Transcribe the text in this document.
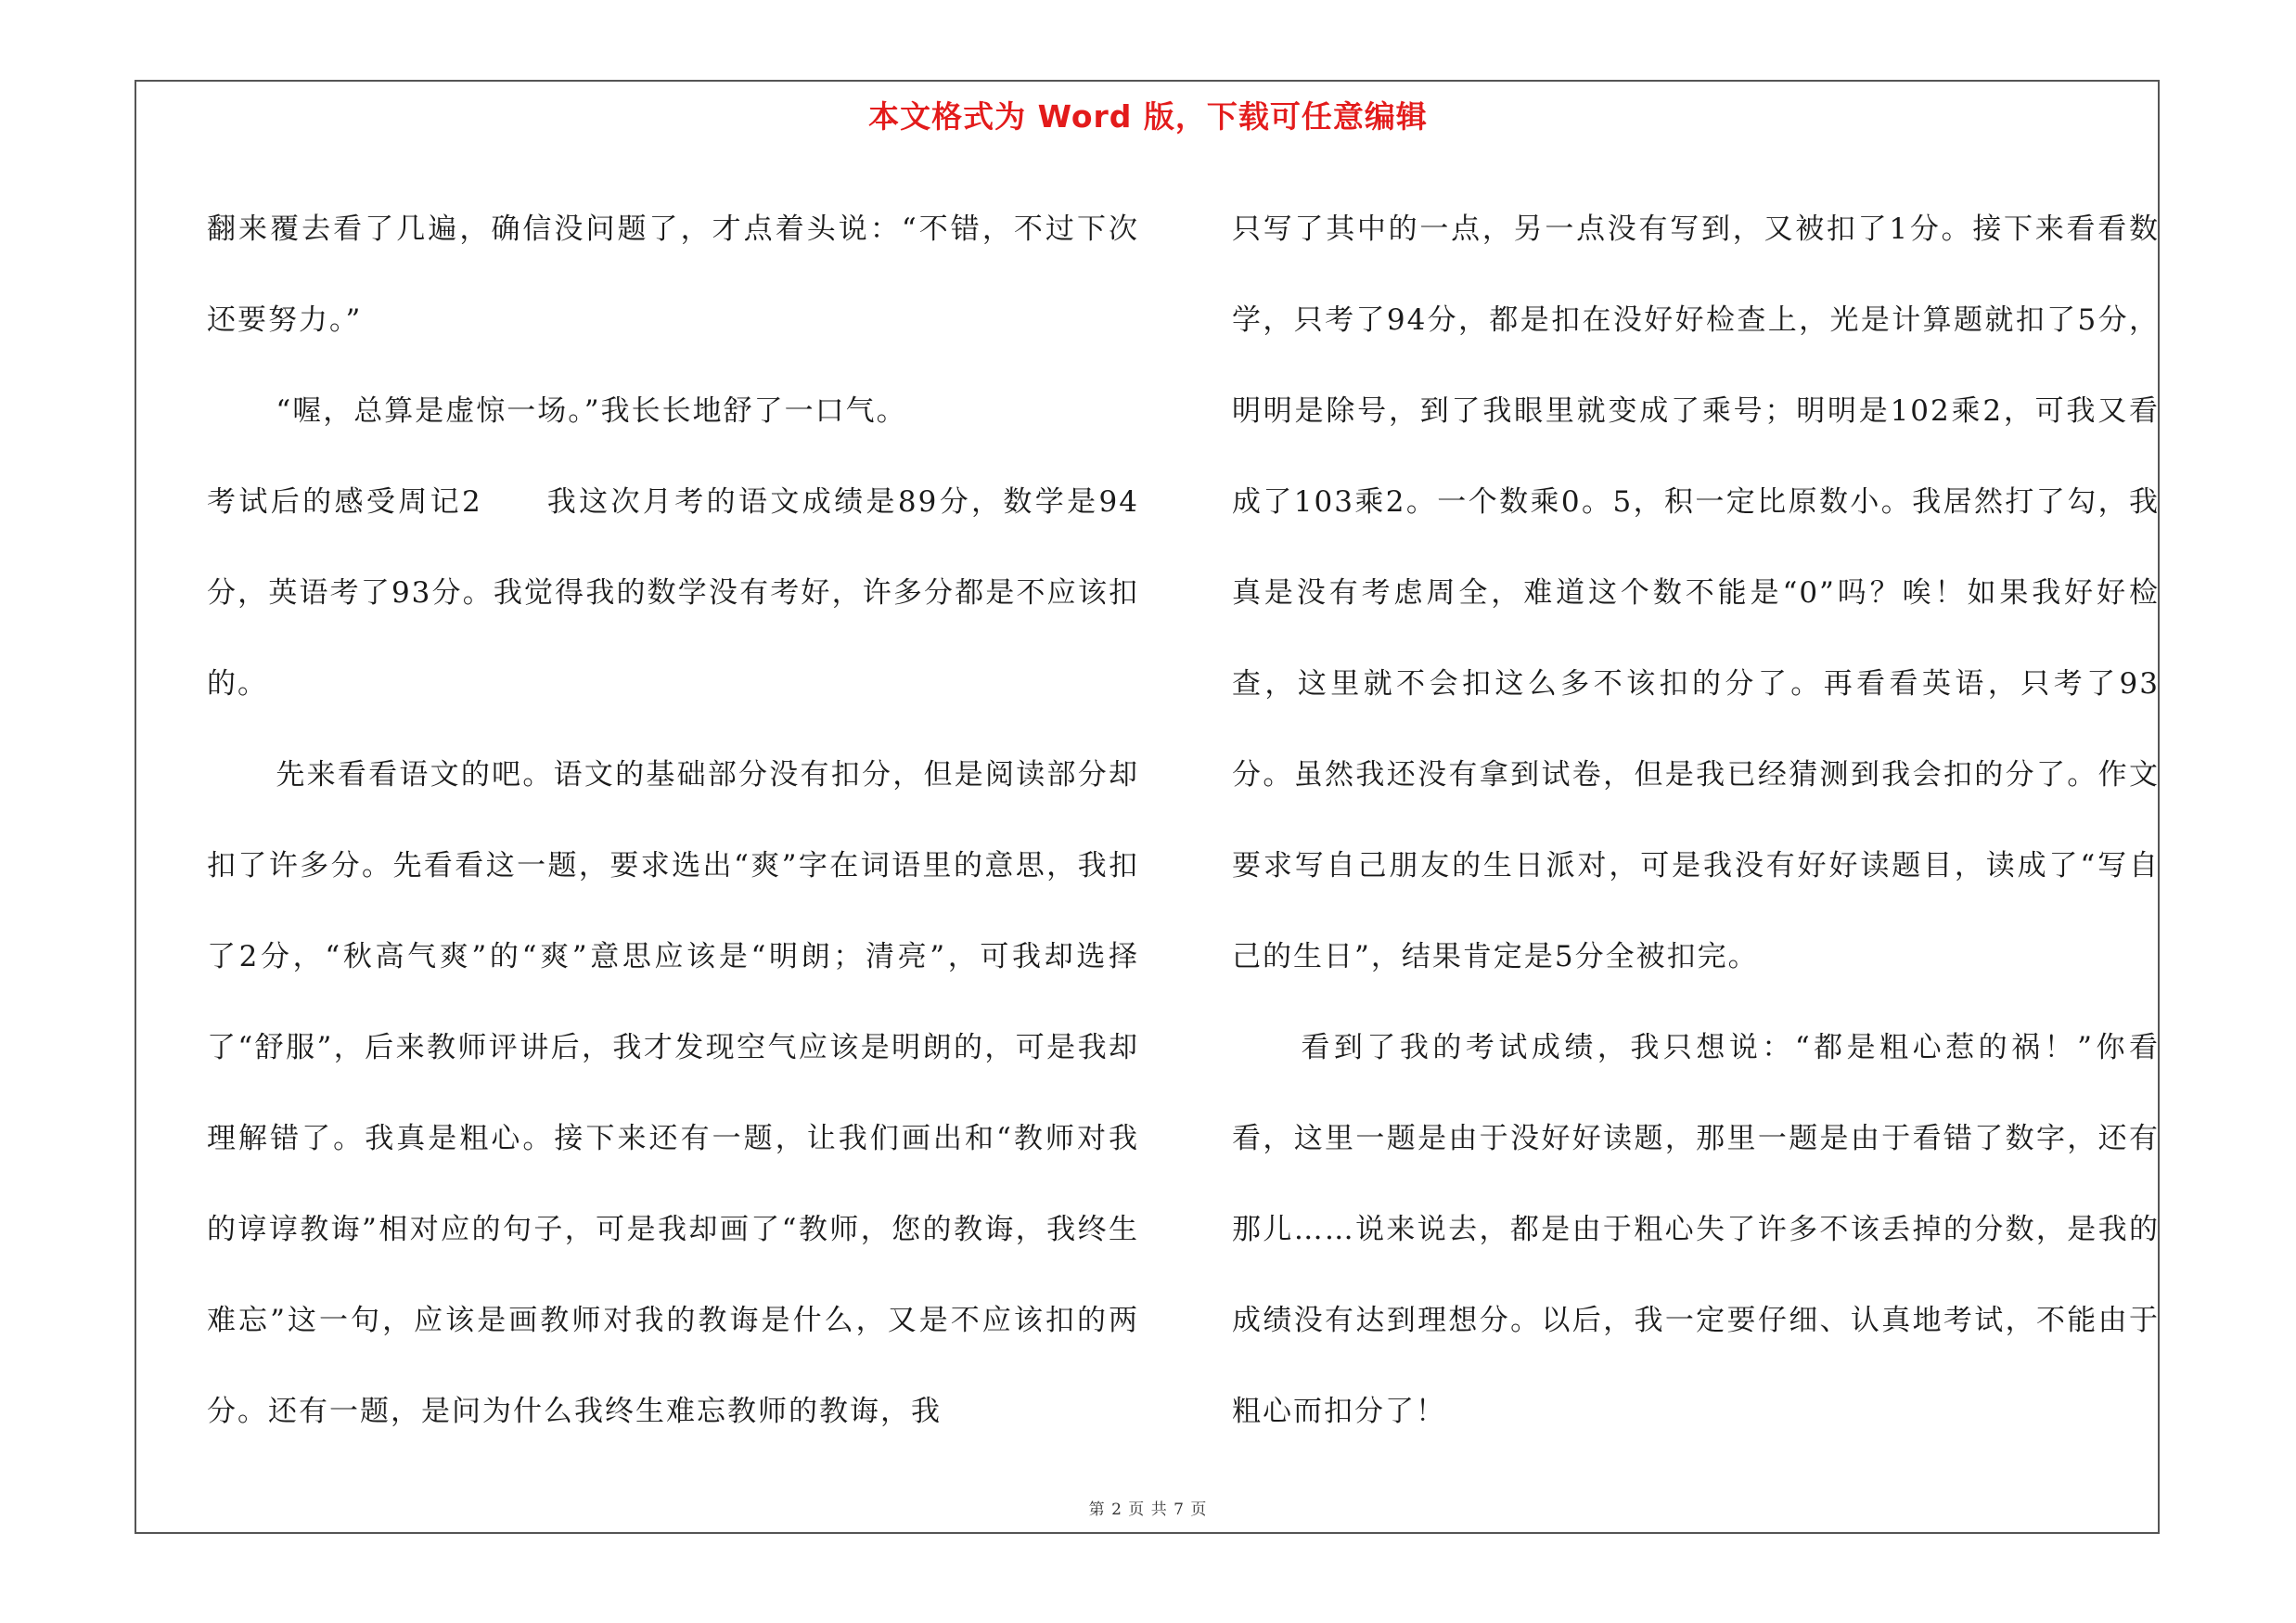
本文格式为 Word 版，下载可任意编辑

翻来覆去看了几遍，确信没问题了，才点着头说：“不错，不过下次还要努力。”

“喔，总算是虚惊一场。”我长长地舒了一口气。

考试后的感受周记2　　我这次月考的语文成绩是89分，数学是94分，英语考了93分。我觉得我的数学没有考好，许多分都是不应该扣的。

先来看看语文的吧。语文的基础部分没有扣分，但是阅读部分却扣了许多分。先看看这一题，要求选出“爽”字在词语里的意思，我扣了2分，“秋高气爽”的“爽”意思应该是“明朗；清亮”，可我却选择了“舒服”，后来教师评讲后，我才发现空气应该是明朗的，可是我却理解错了。我真是粗心。接下来还有一题，让我们画出和“教师对我的谆谆教诲”相对应的句子，可是我却画了“教师，您的教诲，我终生难忘”这一句，应该是画教师对我的教诲是什么，又是不应该扣的两分。还有一题，是问为什么我终生难忘教师的教诲，我

只写了其中的一点，另一点没有写到，又被扣了1分。接下来看看数学，只考了94分，都是扣在没好好检查上，光是计算题就扣了5分，明明是除号，到了我眼里就变成了乘号；明明是102乘2，可我又看成了103乘2。一个数乘0。5，积一定比原数小。我居然打了勾，我真是没有考虑周全，难道这个数不能是“0”吗？唉！如果我好好检查，这里就不会扣这么多不该扣的分了。再看看英语，只考了93分。虽然我还没有拿到试卷，但是我已经猜测到我会扣的分了。作文要求写自己朋友的生日派对，可是我没有好好读题目，读成了“写自己的生日”，结果肯定是5分全被扣完。

看到了我的考试成绩，我只想说：“都是粗心惹的祸！”你看看，这里一题是由于没好好读题，那里一题是由于看错了数字，还有那儿……说来说去，都是由于粗心失了许多不该丢掉的分数，是我的成绩没有达到理想分。以后，我一定要仔细、认真地考试，不能由于粗心而扣分了！

第 2 页 共 7 页
